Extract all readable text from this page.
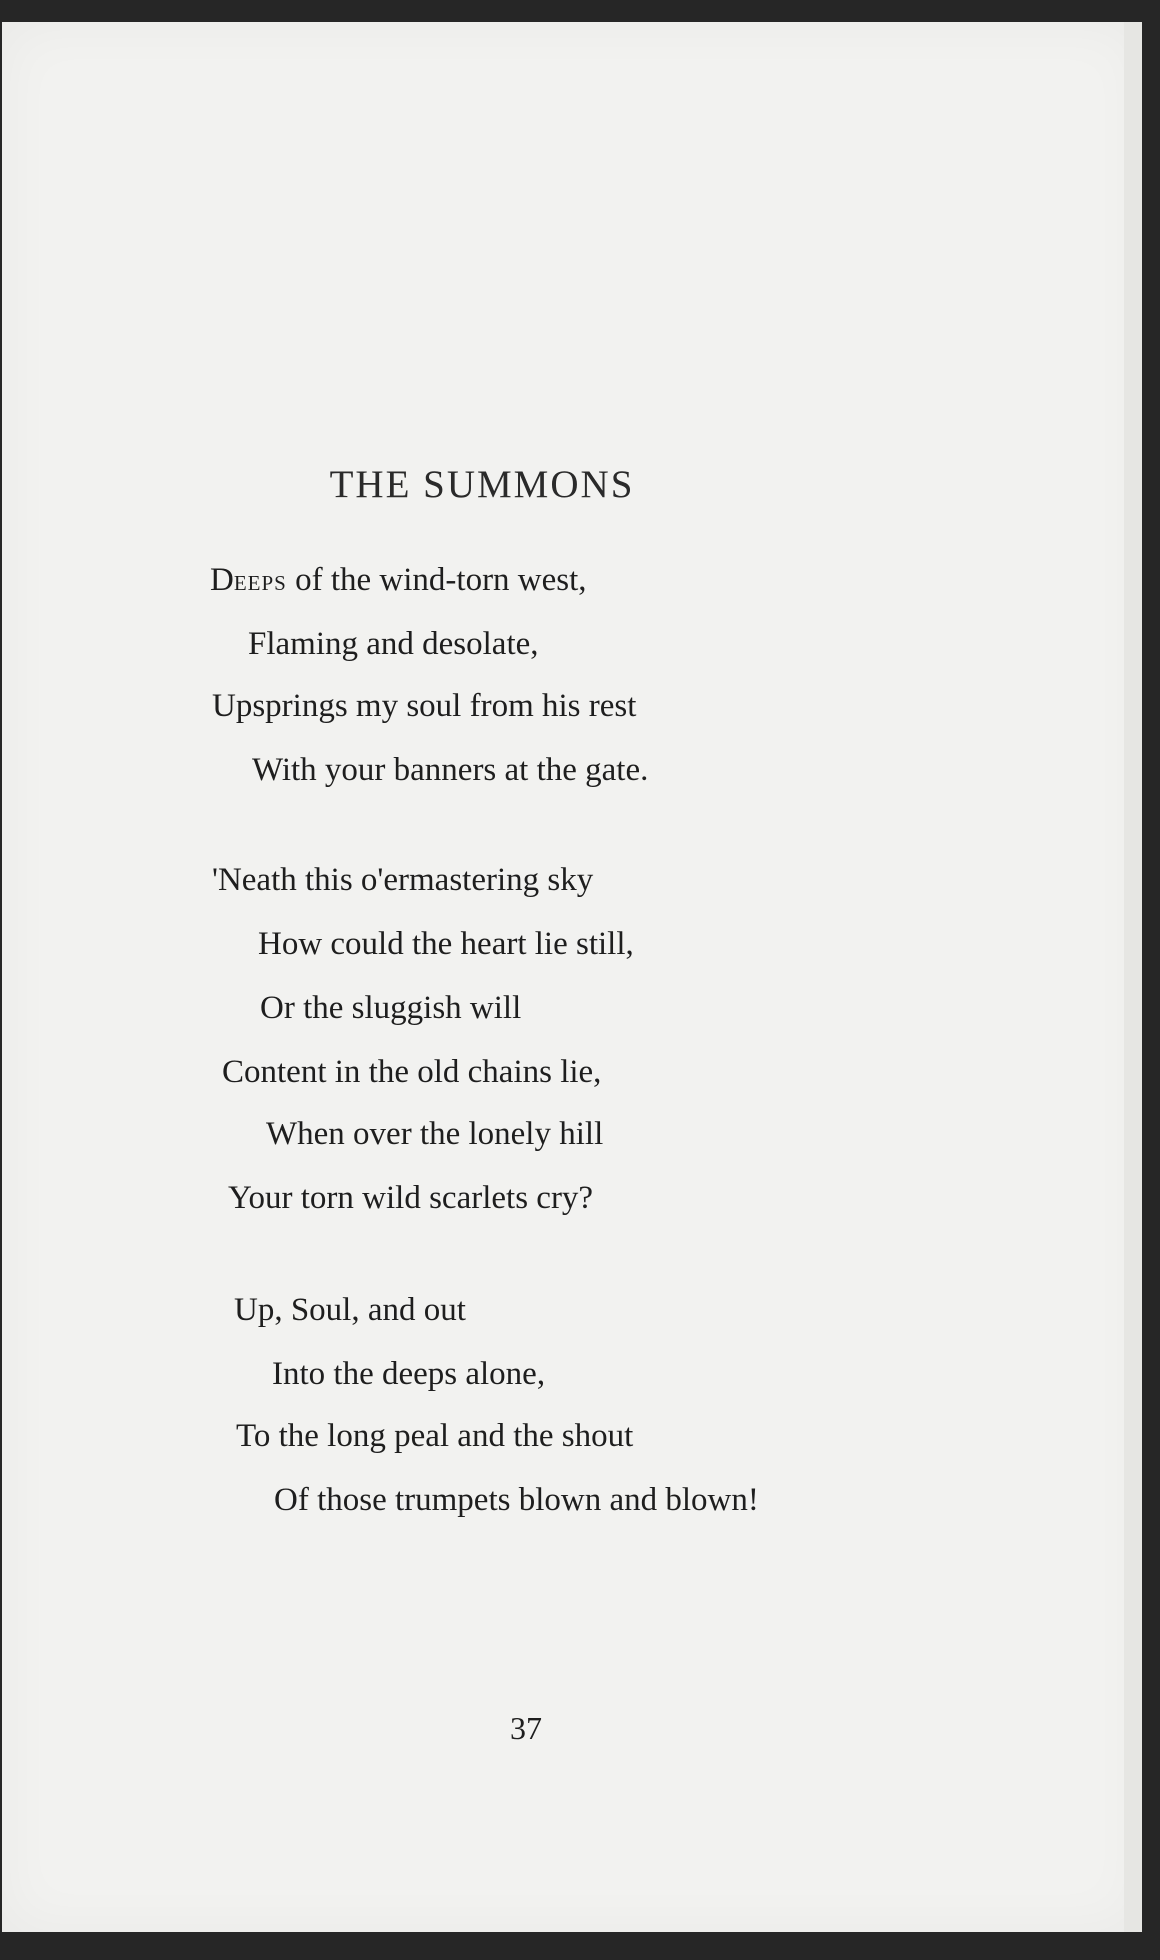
THE SUMMONS
Deeps of the wind-torn west,
Flaming and desolate,
Upsprings my soul from his rest
With your banners at the gate.
'Neath this o'ermastering sky
How could the heart lie still,
Or the sluggish will
Content in the old chains lie,
When over the lonely hill
Your torn wild scarlets cry?
Up, Soul, and out
Into the deeps alone,
To the long peal and the shout
Of those trumpets blown and blown!
37
